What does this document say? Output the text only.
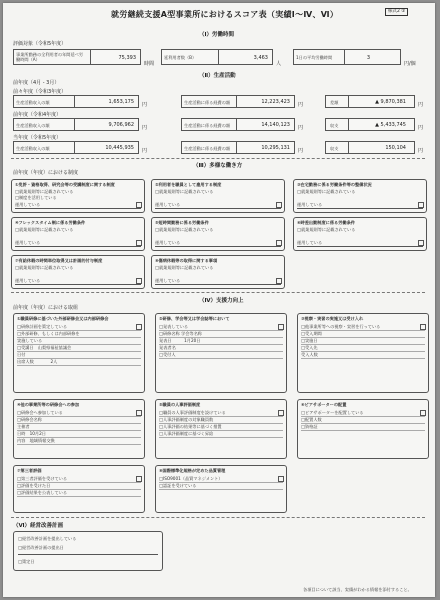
就労継続支援A型事業所におけるスコア表（実績Ⅰ～Ⅳ、Ⅵ）	様式2 ②
（Ⅰ）労働時間
評価対象（令和5年度）
事業所勤務の全利用者の年間延べ労働時間（A）	75,393
時間
延利用者数（B）	3,463
人
1日の平均労働時間	3
円/個
（Ⅱ）生産活動
前年度（4月 - 3月）
前々年度（令和3年度）
生産活動収入の額	1,653,175 円	生産活動に係る経費の額	12,223,423 円	差額	▲ 9,870,381 円
前年度（令和4年度）
生産活動収入の額	9,706,962 円	生産活動に係る経費の額	14,140,123 円	収支	▲ 5,433,745 円
当年度（令和5年度）
生産活動収入の額	10,445,935 円	生産活動に係る経費の額	10,295,131 円	収支	150,104 円
（Ⅲ）多様な働き方
前年度（年度）における制度
①免許・資格取得、研究会等の受講制度に関する制度
□就業規則等に記載されている
□制度を活用している
運用している
②利用者を職員として雇用する制度
□就業規則等に記載されている
運用している
③在宅勤務に係る労働条件等の整備状況
□就業規則等に記載されている
運用している
④フレックスタイム制に係る労働条件
□就業規則等に記載されている
運用している
⑤短時間勤務に係る労働条件
□就業規則等に記載されている
運用している
⑥時差出勤制度に係る労働条件
□就業規則等に記載されている
運用している
⑦有給休暇の時間単位取得又は計画的付与制度
□就業規則等に記載されている
運用している
⑧傷病休暇等の取得に関する事項
□就業規則等に記載されている
運用している
（Ⅳ）支援力向上
前年度（年度）における取組
①職員研修に基づいた外部研修会又は内部研修会
□研修計画を策定している
□外部研修、もしくは内部研修を
実施している
□受講日　山梨県福祉協議会
日付
出席人数　　　　2人
②研修、学会等又は学会誌等において
□発表している
□研修名称 学会等名称
発表日　　　1月20日
発表者名
□受付人
③視察・実習の実施又は受け入れ
□他事業所等への視察・実習を行っている
□受入期間
□実施日
□受入先
受入人数
④他の事業所等の研修会への参加
□研修会へ参加している
□研修会名称
主催者
日時　10月2日
内容　地域情報交換
⑤職員の人事評価制度
□職員の人事評価制度を設けている
□人事評価制度の対象職員数
□人事評価の結果等に基づく措置
□人事評価制度に基づく昇給
⑥ピアサポーターの配置
□ピアサポーターを配置している
□配置人数
□資格証
⑦第三者評価
□第三者評価を受けている
□評価を受けた日
□評価結果を公表している
⑧国際標準化規格が定めた品質管理
□ISO9001（品質マネジメント）
□認証を受けている
（Ⅵ）経営改善計画
□経営改善計画を提出している
□経営改善計画の提出日
□策定日
各項目について該当、実績がわかる情報を添付すること。
